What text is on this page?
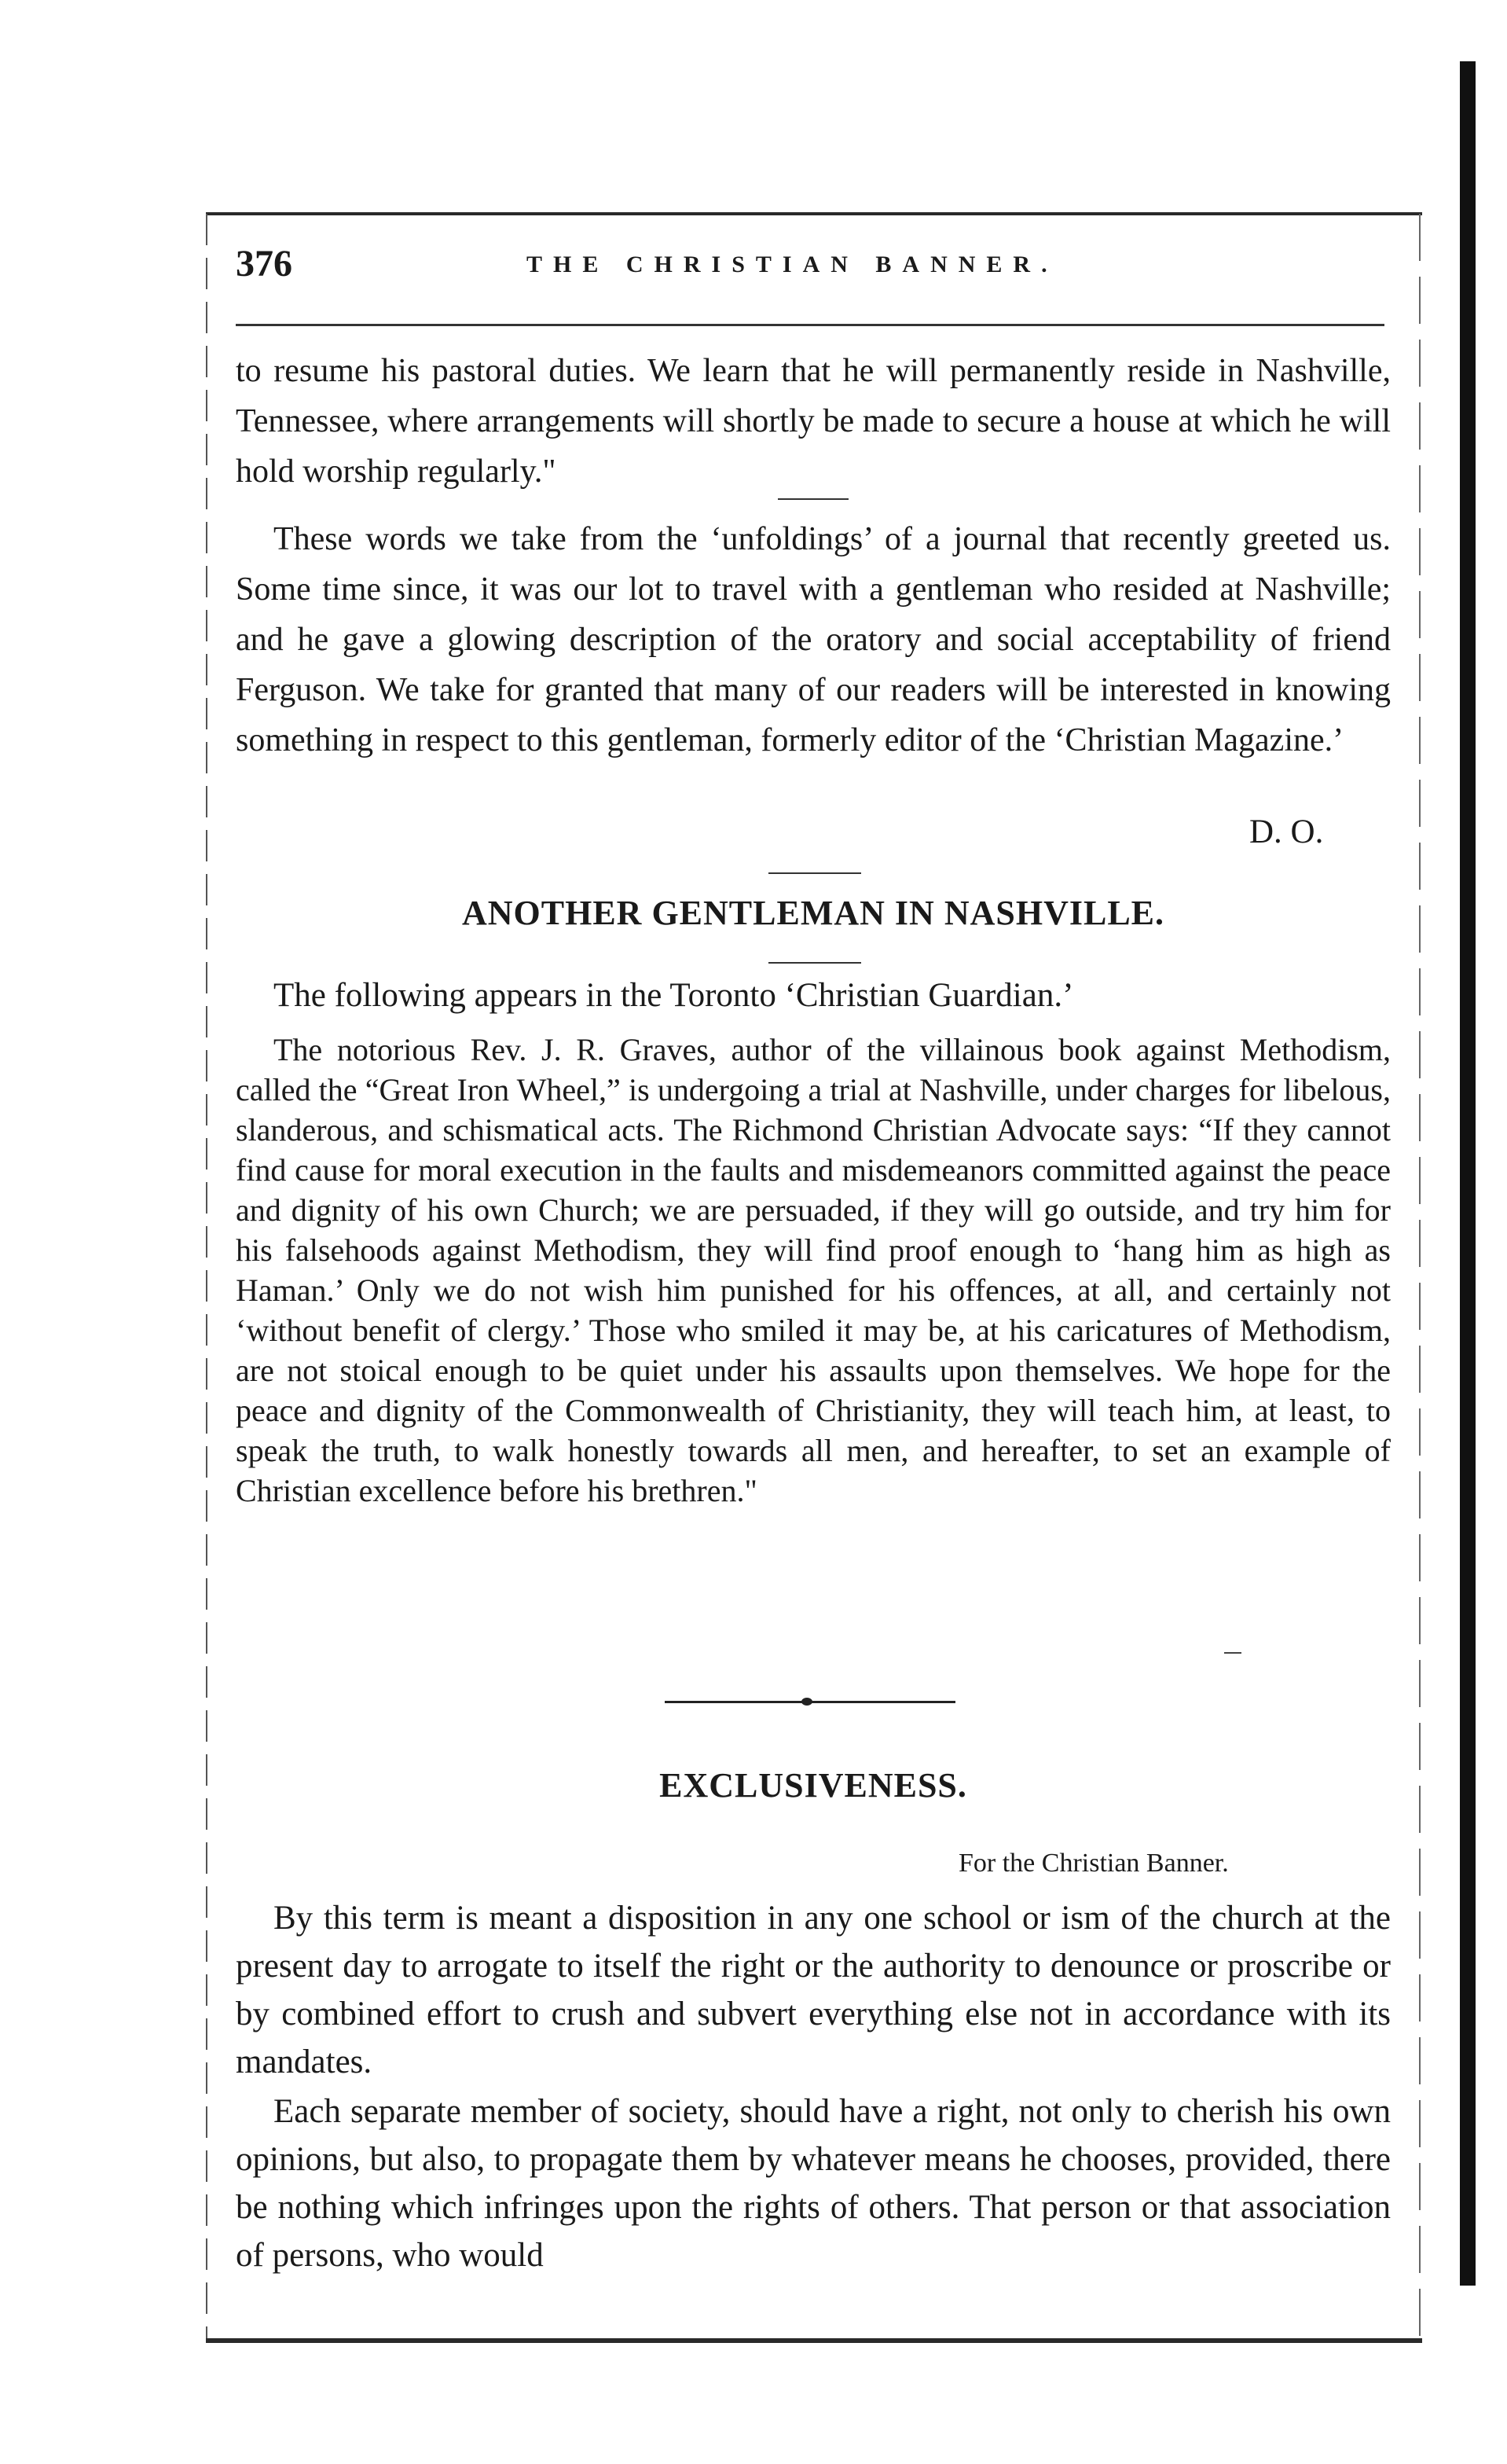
376	THE CHRISTIAN BANNER.

to resume his pastoral duties. We learn that he will permanently reside in Nashville, Tennessee, where arrangements will shortly be made to secure a house at which he will hold worship regularly."

These words we take from the ‘unfoldings’ of a journal that recently greeted us. Some time since, it was our lot to travel with a gentleman who resided at Nashville; and he gave a glowing description of the oratory and social acceptability of friend Ferguson. We take for granted that many of our readers will be interested in knowing something in respect to this gentleman, formerly editor of the ‘Christian Magazine.’

D. O.
ANOTHER GENTLEMAN IN NASHVILLE.

The following appears in the Toronto ‘Christian Guardian.’

The notorious Rev. J. R. Graves, author of the villainous book against Methodism, called the “Great Iron Wheel,” is undergoing a trial at Nashville, under charges for libelous, slanderous, and schismatical acts. The Richmond Christian Advocate says: “If they cannot find cause for moral execution in the faults and misdemeanors committed against the peace and dignity of his own Church; we are persuaded, if they will go outside, and try him for his falsehoods against Methodism, they will find proof enough to ‘hang him as high as Haman.’ Only we do not wish him punished for his offences, at all, and certainly not ‘without benefit of clergy.’ Those who smiled it may be, at his caricatures of Methodism, are not stoical enough to be quiet under his assaults upon themselves. We hope for the peace and dignity of the Commonwealth of Christianity, they will teach him, at least, to speak the truth, to walk honestly towards all men, and hereafter, to set an example of Christian excellence before his brethren."

EXCLUSIVENESS.
For the Christian Banner.

By this term is meant a disposition in any one school or ism of the church at the present day to arrogate to itself the right or the authority to denounce or proscribe or by combined effort to crush and subvert everything else not in accordance with its mandates.

Each separate member of society, should have a right, not only to cherish his own opinions, but also, to propagate them by whatever means he chooses, provided, there be nothing which infringes upon the rights of others. That person or that association of persons, who would
